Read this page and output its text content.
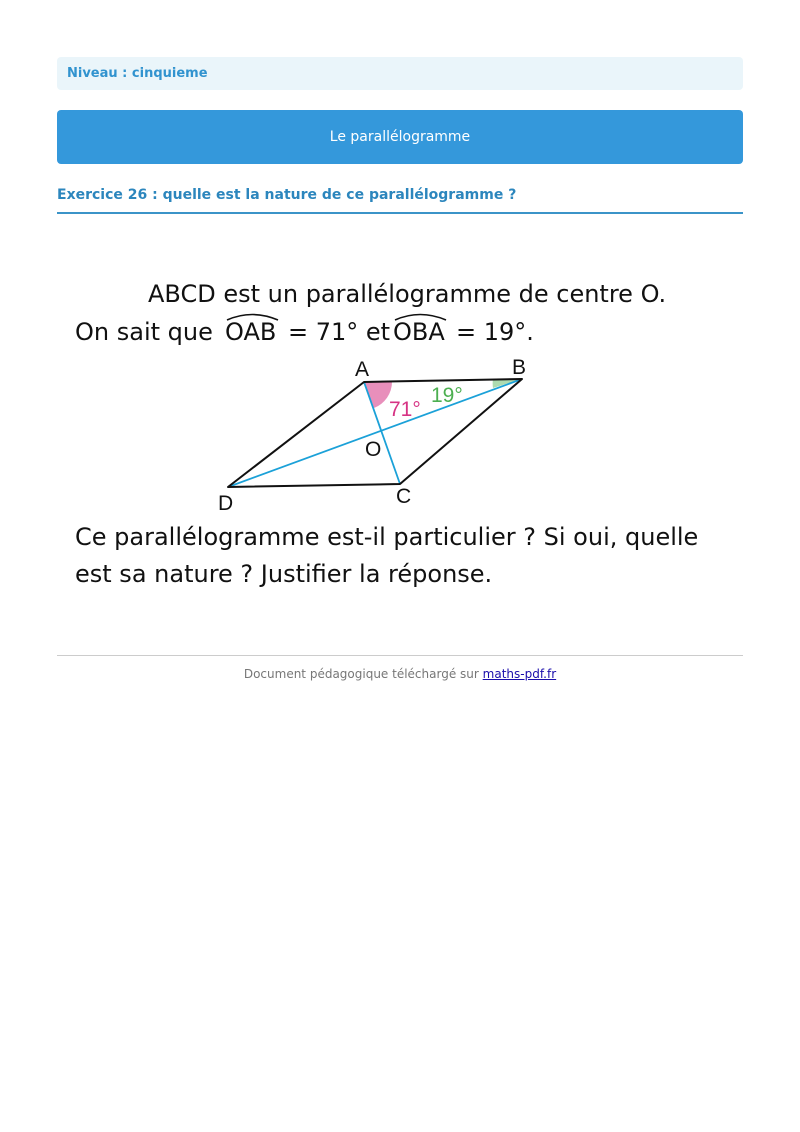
Niveau : cinquieme
Le parallélogramme
Exercice 26 : quelle est la nature de ce parallélogramme ?
ABCD est un parallélogramme de centre O.
On sait que OAB = 71° et OBA = 19°.
A	B
C
D
O
71°
19°
Ce parallélogramme est-il particulier ? Si oui, quelle
est sa nature ? Justifier la réponse.
Document pédagogique téléchargé sur maths-pdf.fr
